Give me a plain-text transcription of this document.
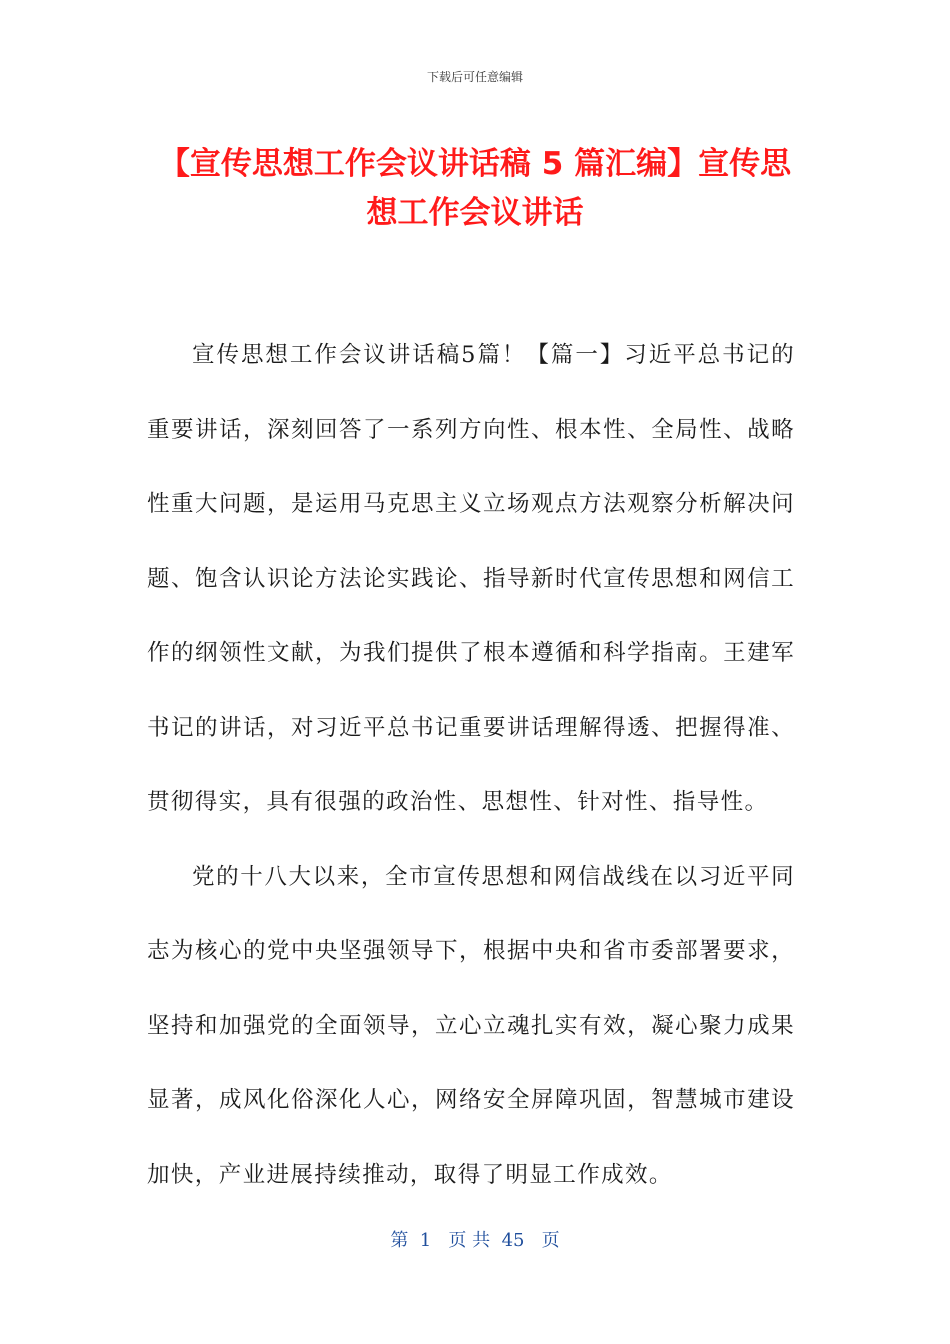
下载后可任意编辑
【宣传思想工作会议讲话稿 5 篇汇编】宣传思想工作会议讲话

宣传思想工作会议讲话稿5篇！【篇一】习近平总书记的重要讲话，深刻回答了一系列方向性、根本性、全局性、战略性重大问题，是运用马克思主义立场观点方法观察分析解决问题、饱含认识论方法论实践论、指导新时代宣传思想和网信工作的纲领性文献，为我们提供了根本遵循和科学指南。王建军书记的讲话，对习近平总书记重要讲话理解得透、把握得准、贯彻得实，具有很强的政治性、思想性、针对性、指导性。

党的十八大以来，全市宣传思想和网信战线在以习近平同志为核心的党中央坚强领导下，根据中央和省市委部署要求，坚持和加强党的全面领导，立心立魂扎实有效，凝心聚力成果显著，成风化俗深化人心，网络安全屏障巩固，智慧城市建设加快，产业进展持续推动，取得了明显工作成效。

第  1   页 共  45   页
